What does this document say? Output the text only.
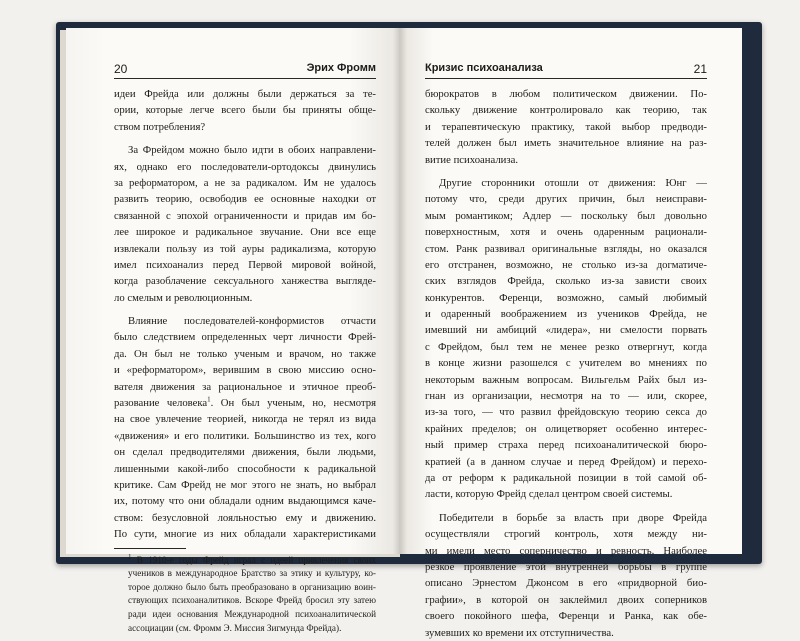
20	Эрих Фромм
идеи Фрейда или должны были держаться за те-
ории, которые легче всего были бы приняты обще-
ством потребления?
За Фрейдом можно было идти в обоих направлени-
ях, однако его последователи-ортодоксы двинулись
за реформатором, а не за радикалом. Им не удалось
развить теорию, освободив ее основные находки от
связанной с эпохой ограниченности и придав им бо-
лее широкое и радикальное звучание. Они все еще
извлекали пользу из той ауры радикализма, которую
имел психоанализ перед Первой мировой войной,
когда разоблачение сексуального ханжества выгляде-
ло смелым и революционным.
Влияние последователей-конформистов отчасти
было следствием определенных черт личности Фрей-
да. Он был не только ученым и врачом, но также
и «реформатором», верившим в свою миссию осно-
вателя движения за рациональное и этичное преоб-
разование человека$^1$. Он был ученым, но, несмотря
на свое увлечение теорией, никогда не терял из вида
«движения» и его политики. Большинство из тех, кого
он сделал предводителями движения, были людьми,
лишенными какой-либо способности к радикальной
критике. Сам Фрейд не мог этого не знать, но выбрал
их, потому что они обладали одним выдающимся каче-
ством: безусловной лояльностью ему и движению.
По сути, многие из них обладали характеристиками
$^1$ В 1910-е годы Фрейд играл с идеей привлечения своих
учеников в международное Братство за этику и культуру, ко-
торое должно было быть преобразовано в организацию воин-
ствующих психоаналитиков. Вскоре Фрейд бросил эту затею
ради идеи основания Международной психоаналитической
ассоциации (см. Фромм Э. Миссия Зигмунда Фрейда).
Кризис психоанализа	21
бюрократов в любом политическом движении. По-
скольку движение контролировало как теорию, так
и терапевтическую практику, такой выбор предводи-
телей должен был иметь значительное влияние на раз-
витие психоанализа.
Другие сторонники отошли от движения: Юнг —
потому что, среди других причин, был неисправи-
мым романтиком; Адлер — поскольку был довольно
поверхностным, хотя и очень одаренным рационали-
стом. Ранк развивал оригинальные взгляды, но оказался
его отстранен, возможно, не столько из-за догматиче-
ских взглядов Фрейда, сколько из-за зависти своих
конкурентов. Ференци, возможно, самый любимый
и одаренный воображением из учеников Фрейда, не
имевший ни амбиций «лидера», ни смелости порвать
с Фрейдом, был тем не менее резко отвергнут, когда
в конце жизни разошелся с учителем во мнениях по
некоторым важным вопросам. Вильгельм Райх был из-
гнан из организации, несмотря на то — или, скорее,
из-за того, — что развил фрейдовскую теорию секса до
крайних пределов; он олицетворяет особенно интерес-
ный пример страха перед психоаналитической бюро-
кратией (а в данном случае и перед Фрейдом) и перехо-
да от реформ к радикальной позиции в той самой об-
ласти, которую Фрейд сделал центром своей системы.
Победители в борьбе за власть при дворе Фрейда
осуществляли строгий контроль, хотя между ни-
ми имели место соперничество и ревность. Наиболее
резкое проявление этой внутренней борьбы в группе
описано Эрнестом Джонсом в его «придворной био-
графии», в которой он заклеймил двоих соперников
своего покойного шефа, Ференци и Ранка, как обе-
зумевших ко времени их отступничества.
